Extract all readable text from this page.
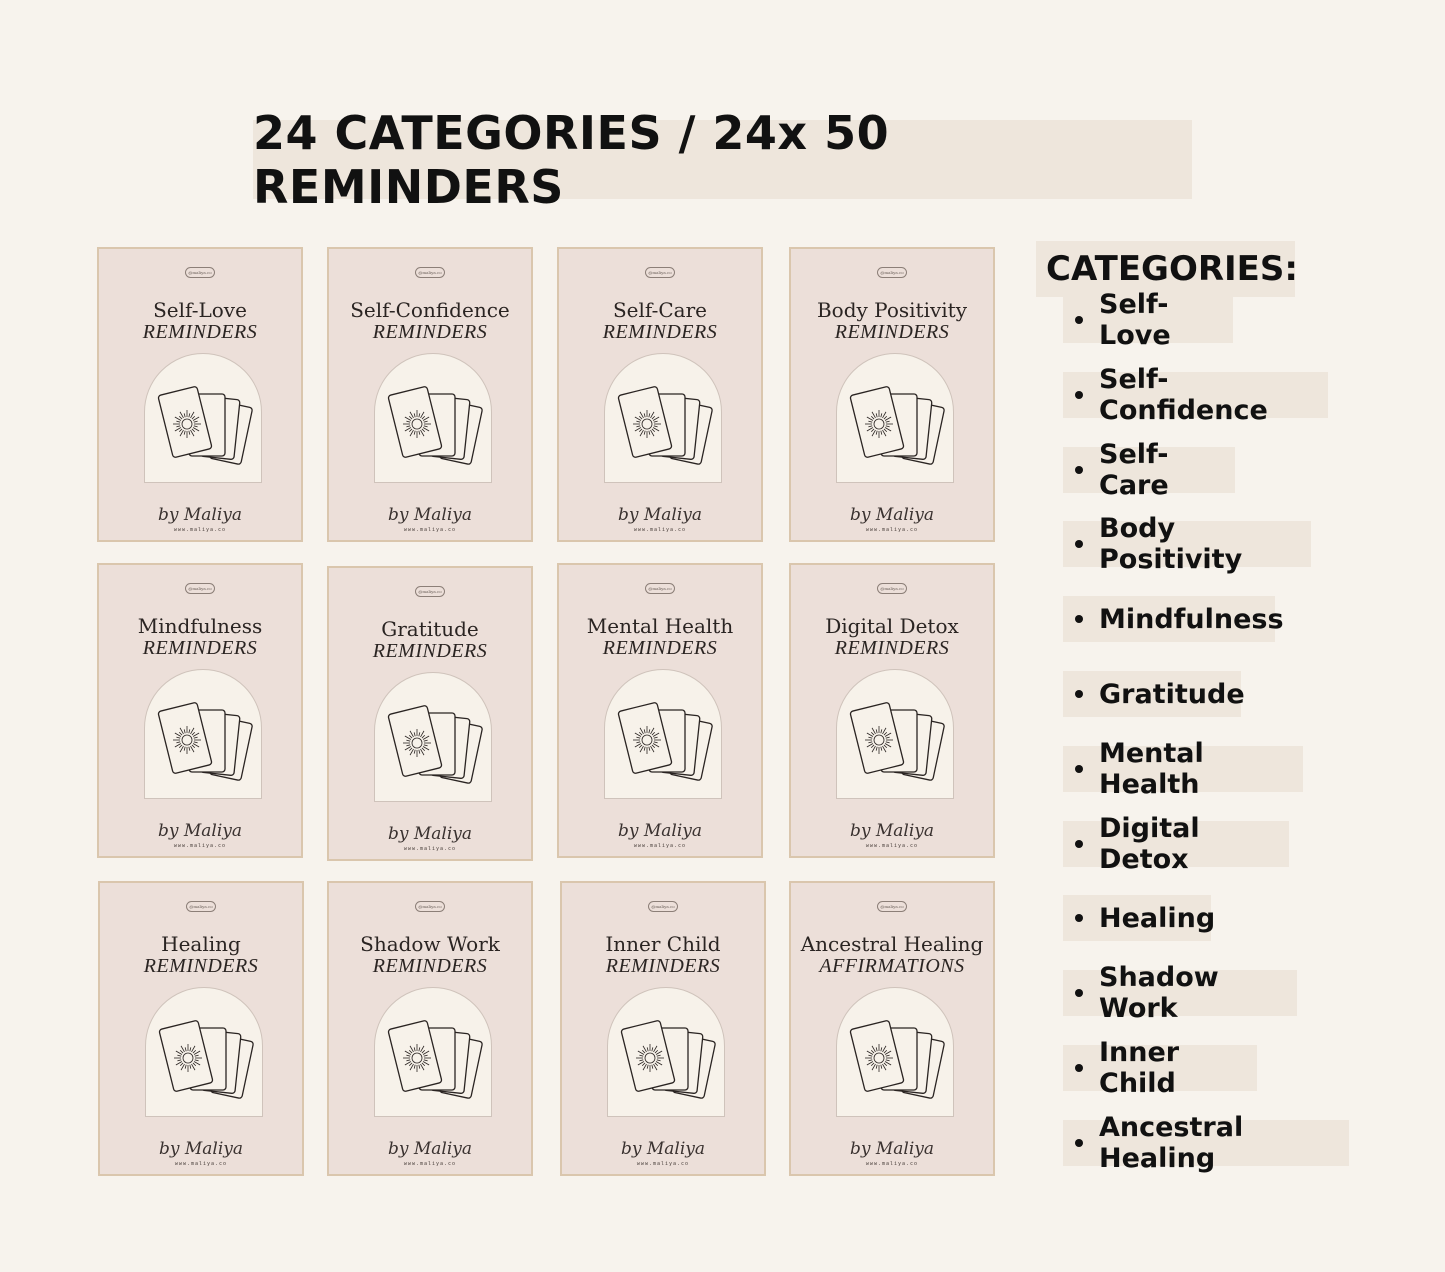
24 CATEGORIES / 24x 50 REMINDERS
@maliya.co
Self-Love
REMINDERS
by Maliya
www.maliya.co
@maliya.co
Self-Confidence
REMINDERS
by Maliya
www.maliya.co
@maliya.co
Self-Care
REMINDERS
by Maliya
www.maliya.co
@maliya.co
Body Positivity
REMINDERS
by Maliya
www.maliya.co
@maliya.co
Mindfulness
REMINDERS
by Maliya
www.maliya.co
@maliya.co
Gratitude
REMINDERS
by Maliya
www.maliya.co
@maliya.co
Mental Health
REMINDERS
by Maliya
www.maliya.co
@maliya.co
Digital Detox
REMINDERS
by Maliya
www.maliya.co
@maliya.co
Healing
REMINDERS
by Maliya
www.maliya.co
@maliya.co
Shadow Work
REMINDERS
by Maliya
www.maliya.co
@maliya.co
Inner Child
REMINDERS
by Maliya
www.maliya.co
@maliya.co
Ancestral Healing
AFFIRMATIONS
by Maliya
www.maliya.co
CATEGORIES:
Self-Love
Self-Confidence
Self-Care
Body Positivity
Mindfulness
Gratitude
Mental Health
Digital Detox
Healing
Shadow Work
Inner Child
Ancestral Healing
